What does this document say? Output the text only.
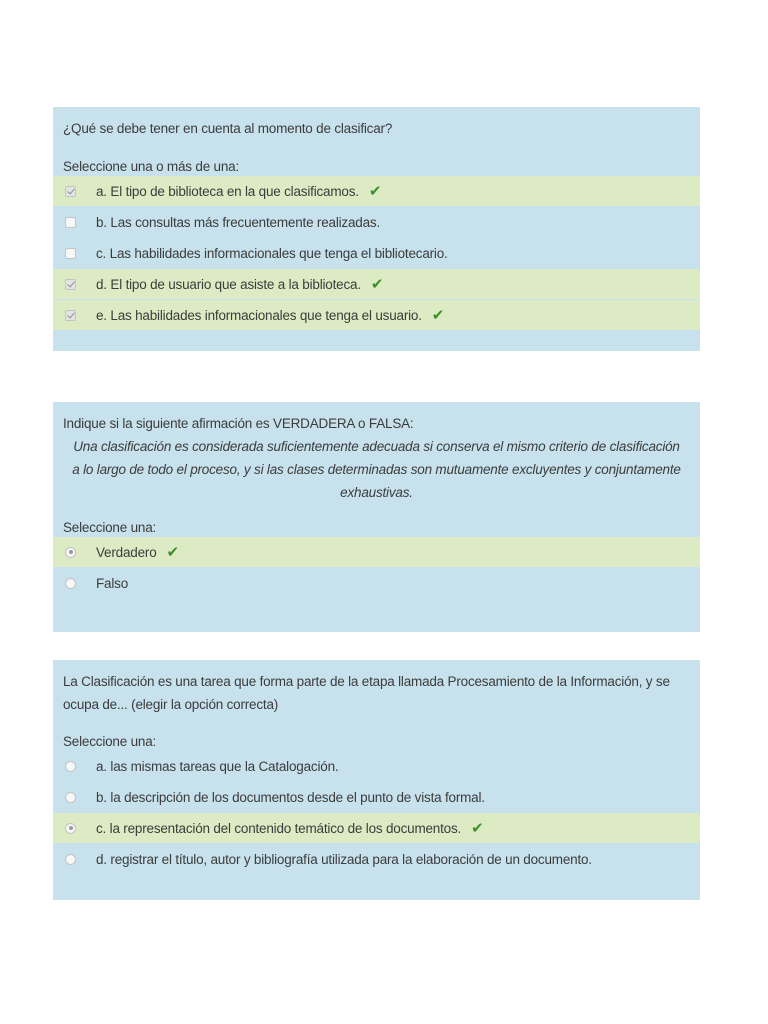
¿Qué se debe tener en cuenta al momento de clasificar?
Seleccione una o más de una:
a. El tipo de biblioteca en la que clasificamos. ✔
b. Las consultas más frecuentemente realizadas.
c. Las habilidades informacionales que tenga el bibliotecario.
d. El tipo de usuario que asiste a la biblioteca. ✔
e. Las habilidades informacionales que tenga el usuario. ✔
Indique si la siguiente afirmación es VERDADERA o FALSA:
Una clasificación es considerada suficientemente adecuada si conserva el mismo criterio de clasificación a lo largo de todo el proceso, y si las clases determinadas son mutuamente excluyentes y conjuntamente exhaustivas.
Seleccione una:
Verdadero ✔
Falso
La Clasificación es una tarea que forma parte de la etapa llamada Procesamiento de la Información, y se ocupa de... (elegir la opción correcta)
Seleccione una:
a. las mismas tareas que la Catalogación.
b. la descripción de los documentos desde el punto de vista formal.
c. la representación del contenido temático de los documentos. ✔
d. registrar el título, autor y bibliografía utilizada para la elaboración de un documento.
